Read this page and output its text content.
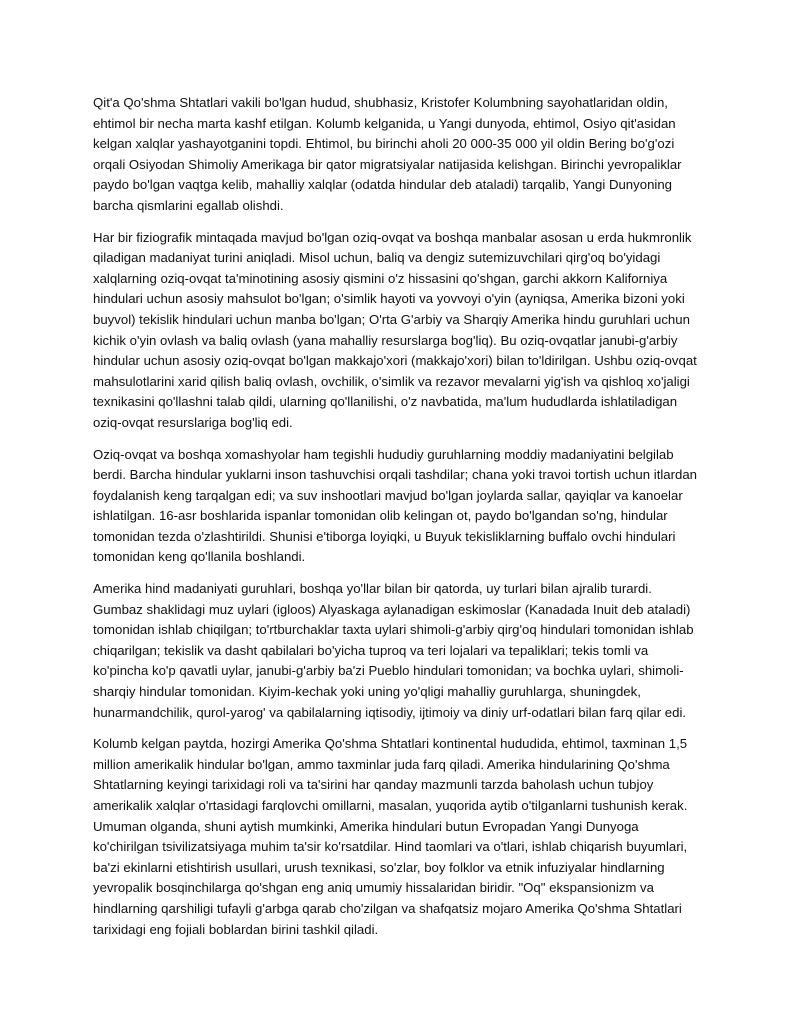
Qit'a Qo'shma Shtatlari vakili bo'lgan hudud, shubhasiz, Kristofer Kolumbning sayohatlaridan oldin, ehtimol bir necha marta kashf etilgan. Kolumb kelganida, u Yangi dunyoda, ehtimol, Osiyo qit'asidan kelgan xalqlar yashayotganini topdi. Ehtimol, bu birinchi aholi 20 000-35 000 yil oldin Bering bo'g'ozi orqali Osiyodan Shimoliy Amerikaga bir qator migratsiyalar natijasida kelishgan. Birinchi yevropaliklar paydo bo'lgan vaqtga kelib, mahalliy xalqlar (odatda hindular deb ataladi) tarqalib, Yangi Dunyoning barcha qismlarini egallab olishdi.

Har bir fiziografik mintaqada mavjud bo'lgan oziq-ovqat va boshqa manbalar asosan u erda hukmronlik qiladigan madaniyat turini aniqladi. Misol uchun, baliq va dengiz sutemizuvchilari qirg'oq bo'yidagi xalqlarning oziq-ovqat ta'minotining asosiy qismini o'z hissasini qo'shgan, garchi akkorn Kaliforniya hindulari uchun asosiy mahsulot bo'lgan; o'simlik hayoti va yovvoyi o'yin (ayniqsa, Amerika bizoni yoki buyvol) tekislik hindulari uchun manba bo'lgan; O'rta G'arbiy va Sharqiy Amerika hindu guruhlari uchun kichik o'yin ovlash va baliq ovlash (yana mahalliy resurslarga bog'liq). Bu oziq-ovqatlar janubi-g'arbiy hindular uchun asosiy oziq-ovqat bo'lgan makkajo'xori (makkajo'xori) bilan to'ldirilgan. Ushbu oziq-ovqat mahsulotlarini xarid qilish baliq ovlash, ovchilik, o'simlik va rezavor mevalarni yig'ish va qishloq xo'jaligi texnikasini qo'llashni talab qildi, ularning qo'llanilishi, o'z navbatida, ma'lum hududlarda ishlatiladigan oziq-ovqat resurslariga bog'liq edi.

Oziq-ovqat va boshqa xomashyolar ham tegishli hududiy guruhlarning moddiy madaniyatini belgilab berdi. Barcha hindular yuklarni inson tashuvchisi orqali tashdilar; chana yoki travoi tortish uchun itlardan foydalanish keng tarqalgan edi; va suv inshootlari mavjud bo'lgan joylarda sallar, qayiqlar va kanoelar ishlatilgan. 16-asr boshlarida ispanlar tomonidan olib kelingan ot, paydo bo'lgandan so'ng, hindular tomonidan tezda o'zlashtirildi. Shunisi e'tiborga loyiqki, u Buyuk tekisliklarning buffalo ovchi hindulari tomonidan keng qo'llanila boshlandi.

Amerika hind madaniyati guruhlari, boshqa yo'llar bilan bir qatorda, uy turlari bilan ajralib turardi. Gumbaz shaklidagi muz uylari (igloos) Alyaskaga aylanadigan eskimoslar (Kanadada Inuit deb ataladi) tomonidan ishlab chiqilgan; to'rtburchaklar taxta uylari shimoli-g'arbiy qirg'oq hindulari tomonidan ishlab chiqarilgan; tekislik va dasht qabilalari bo'yicha tuproq va teri lojalari va tepaliklari; tekis tomli va ko'pincha ko'p qavatli uylar, janubi-g'arbiy ba'zi Pueblo hindulari tomonidan; va bochka uylari, shimoli-sharqiy hindular tomonidan. Kiyim-kechak yoki uning yo'qligi mahalliy guruhlarga, shuningdek, hunarmandchilik, qurol-yarog' va qabilalarning iqtisodiy, ijtimoiy va diniy urf-odatlari bilan farq qilar edi.

Kolumb kelgan paytda, hozirgi Amerika Qo'shma Shtatlari kontinental hududida, ehtimol, taxminan 1,5 million amerikalik hindular bo'lgan, ammo taxminlar juda farq qiladi. Amerika hindularining Qo'shma Shtatlarning keyingi tarixidagi roli va ta'sirini har qanday mazmunli tarzda baholash uchun tubjoy amerikalik xalqlar o'rtasidagi farqlovchi omillarni, masalan, yuqorida aytib o'tilganlarni tushunish kerak. Umuman olganda, shuni aytish mumkinki, Amerika hindulari butun Evropadan Yangi Dunyoga ko'chirilgan tsivilizatsiyaga muhim ta'sir ko'rsatdilar. Hind taomlari va o'tlari, ishlab chiqarish buyumlari, ba'zi ekinlarni etishtirish usullari, urush texnikasi, so'zlar, boy folklor va etnik infuziyalar hindlarning yevropalik bosqinchilarga qo'shgan eng aniq umumiy hissalaridan biridir. "Oq" ekspansionizm va hindlarning qarshiligi tufayli g'arbga qarab cho'zilgan va shafqatsiz mojaro Amerika Qo'shma Shtatlari tarixidagi eng fojiali boblardan birini tashkil qiladi.
